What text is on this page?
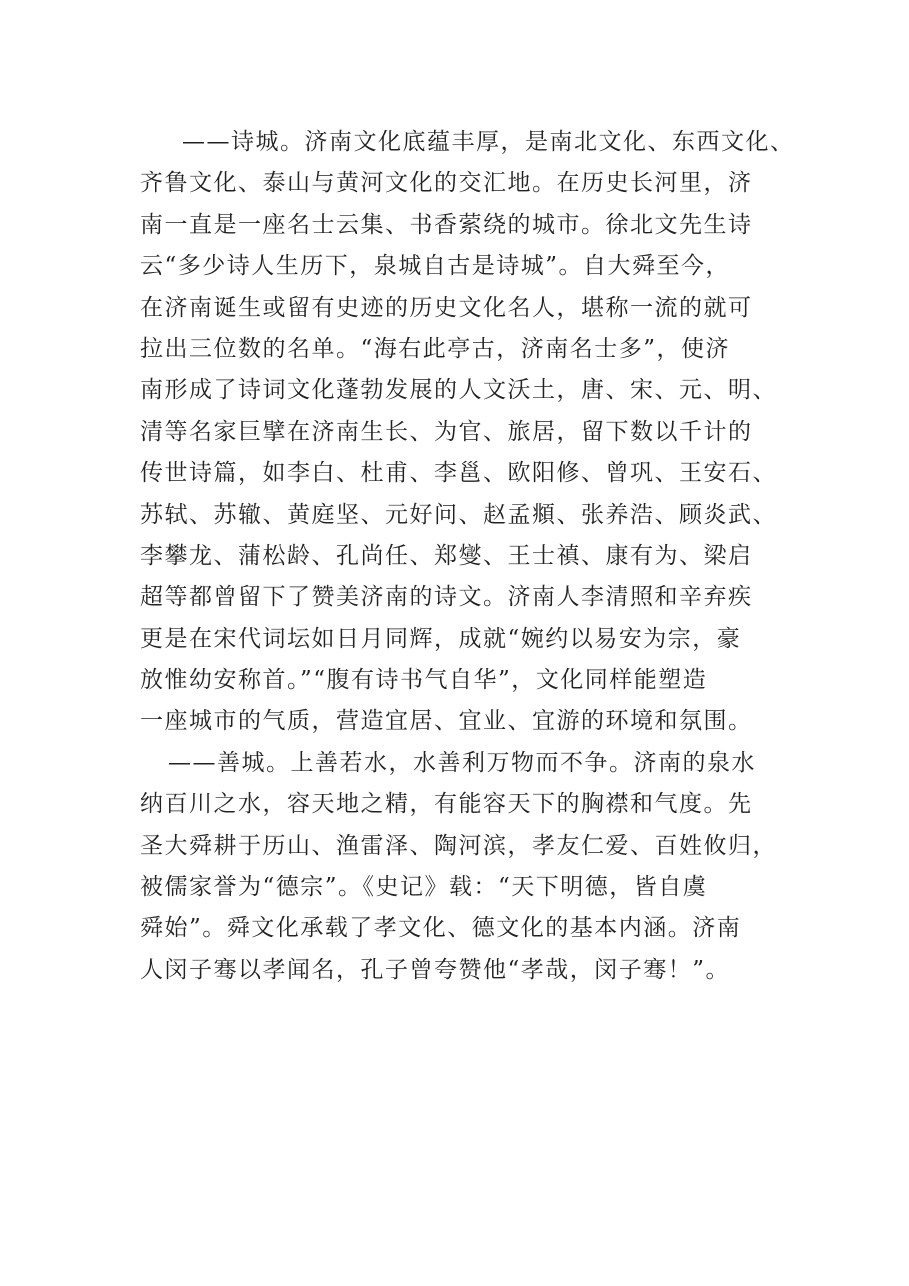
——诗城。济南文化底蕴丰厚，是南北文化、东西文化、
齐鲁文化、泰山与黄河文化的交汇地。在历史长河里，济
南一直是一座名士云集、书香萦绕的城市。徐北文先生诗
云“多少诗人生历下，泉城自古是诗城”。自大舜至今，
在济南诞生或留有史迹的历史文化名人，堪称一流的就可
拉出三位数的名单。“海右此亭古，济南名士多”，使济
南形成了诗词文化蓬勃发展的人文沃土，唐、宋、元、明、
清等名家巨擘在济南生长、为官、旅居，留下数以千计的
传世诗篇，如李白、杜甫、李邕、欧阳修、曾巩、王安石、
苏轼、苏辙、黄庭坚、元好问、赵孟頫、张养浩、顾炎武、
李攀龙、蒲松龄、孔尚任、郑燮、王士禛、康有为、梁启
超等都曾留下了赞美济南的诗文。济南人李清照和辛弃疾
更是在宋代词坛如日月同辉，成就“婉约以易安为宗，豪
放惟幼安称首。”“腹有诗书气自华”，文化同样能塑造
一座城市的气质，营造宜居、宜业、宜游的环境和氛围。
——善城。上善若水，水善利万物而不争。济南的泉水
纳百川之水，容天地之精，有能容天下的胸襟和气度。先
圣大舜耕于历山、渔雷泽、陶河滨，孝友仁爱、百姓攸归，
被儒家誉为“德宗”。《史记》载：“天下明德，皆自虞
舜始”。舜文化承载了孝文化、德文化的基本内涵。济南
人闵子骞以孝闻名，孔子曾夸赞他“孝哉，闵子骞！”。
